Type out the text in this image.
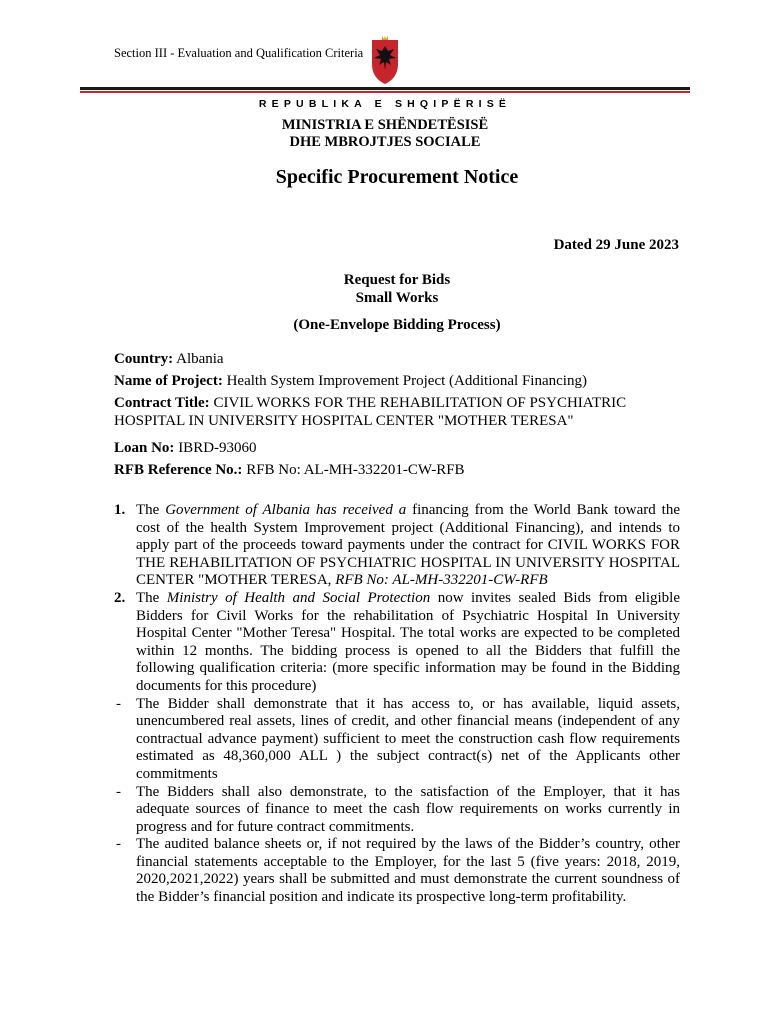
Section III - Evaluation and Qualification Criteria
REPUBLIKA E SHQIPËRISË
MINISTRIA E SHËNDETËSISË
DHE MBROJTJES SOCIALE
Specific Procurement Notice
Dated 29 June 2023
Request for Bids
Small Works
(One-Envelope Bidding Process)
Country: Albania
Name of Project: Health System Improvement Project (Additional Financing)
Contract Title: CIVIL WORKS FOR THE REHABILITATION OF PSYCHIATRIC HOSPITAL IN UNIVERSITY HOSPITAL CENTER "MOTHER TERESA"
Loan No: IBRD-93060
RFB Reference No.: RFB No: AL-MH-332201-CW-RFB
1. The Government of Albania has received a financing from the World Bank toward the cost of the health System Improvement project (Additional Financing), and intends to apply part of the proceeds toward payments under the contract for CIVIL WORKS FOR THE REHABILITATION OF PSYCHIATRIC HOSPITAL IN UNIVERSITY HOSPITAL CENTER "MOTHER TERESA, RFB No: AL-MH-332201-CW-RFB
2. The Ministry of Health and Social Protection now invites sealed Bids from eligible Bidders for Civil Works for the rehabilitation of Psychiatric Hospital In University Hospital Center "Mother Teresa" Hospital. The total works are expected to be completed within 12 months. The bidding process is opened to all the Bidders that fulfill the following qualification criteria: (more specific information may be found in the Bidding documents for this procedure)
- The Bidder shall demonstrate that it has access to, or has available, liquid assets, unencumbered real assets, lines of credit, and other financial means (independent of any contractual advance payment) sufficient to meet the construction cash flow requirements estimated as 48,360,000 ALL ) the subject contract(s) net of the Applicants other commitments
- The Bidders shall also demonstrate, to the satisfaction of the Employer, that it has adequate sources of finance to meet the cash flow requirements on works currently in progress and for future contract commitments.
- The audited balance sheets or, if not required by the laws of the Bidder’s country, other financial statements acceptable to the Employer, for the last 5 (five years: 2018, 2019, 2020,2021,2022) years shall be submitted and must demonstrate the current soundness of the Bidder’s financial position and indicate its prospective long-term profitability.
